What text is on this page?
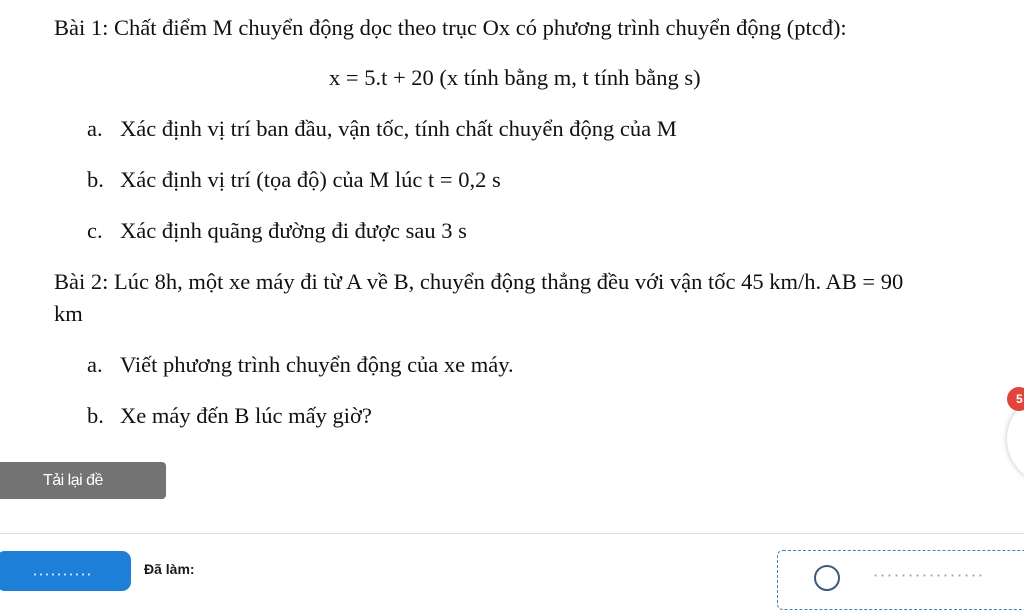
Bài 1: Chất điểm M chuyển động dọc theo trục Ox có phương trình chuyển động (ptcđ):
x = 5.t + 20 (x tính bằng m, t tính bằng s)
a. Xác định vị trí ban đầu, vận tốc, tính chất chuyển động của M
b. Xác định vị trí (tọa độ) của M lúc t = 0,2 s
c. Xác định quãng đường đi được sau 3 s
Bài 2: Lúc 8h, một xe máy đi từ A về B, chuyển động thẳng đều với vận tốc 45 km/h. AB = 90
km
a. Viết phương trình chuyển động của xe máy.
b. Xe máy đến B lúc mấy giờ?
5
Tải lại đề
Đã làm:
